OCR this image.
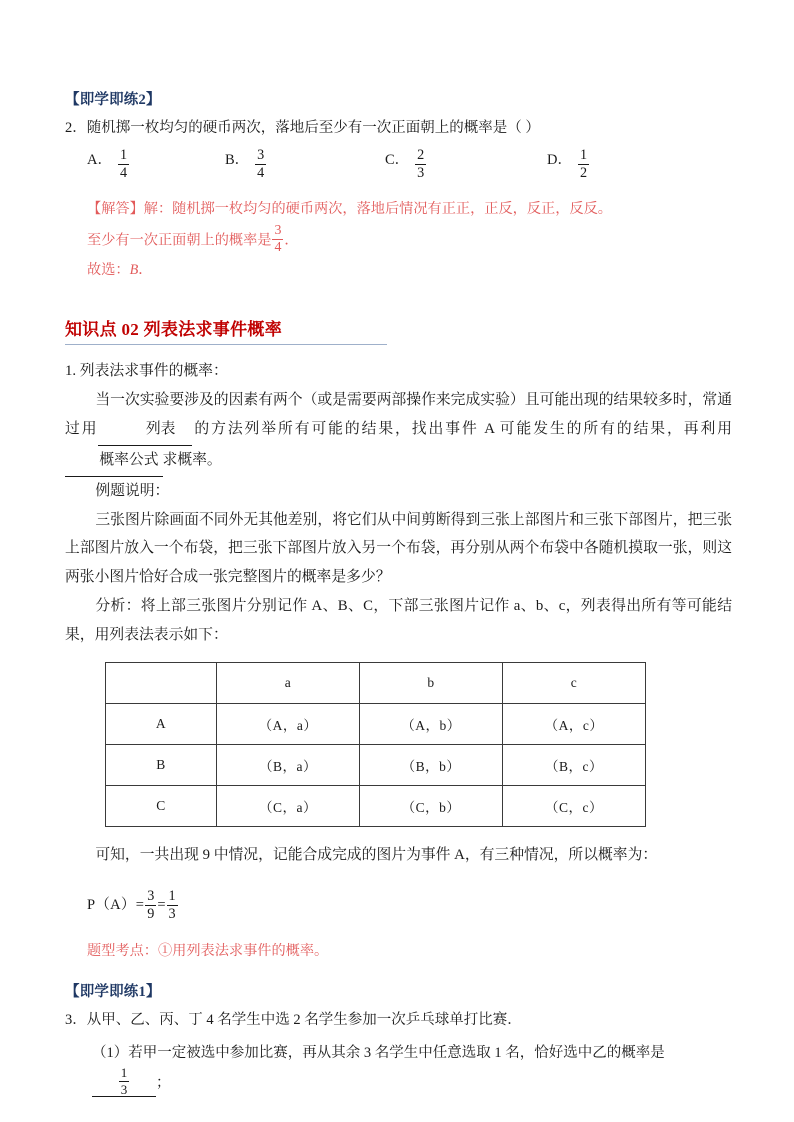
【即学即练2】
2．随机掷一枚均匀的硬币两次，落地后至少有一次正面朝上的概率是（ ）
A． $\frac{1}{4}$	B． $\frac{3}{4}$	C． $\frac{2}{3}$	D． $\frac{1}{2}$

【解答】解：随机掷一枚均匀的硬币两次，落地后情况有正正，正反，反正，反反。

至少有一次正面朝上的概率是 $\frac{3}{4}$ ．

故选：B．

知识点 02 列表法求事件概率

1. 列表法求事件的概率：

当一次实验要涉及的因素有两个（或是需要两部操作来完成实验）且可能出现的结果较多时，常通过用	列表 的方法列举所有可能的结果，找出事件 A 可能发生的所有的结果，再利用概率公式 求概率。

例题说明：

三张图片除画面不同外无其他差别，将它们从中间剪断得到三张上部图片和三张下部图片，把三张上部图片放入一个布袋，把三张下部图片放入另一个布袋，再分别从两个布袋中各随机摸取一张，则这两张小图片恰好合成一张完整图片的概率是多少？

分析：将上部三张图片分别记作 A、B、C，下部三张图片记作 a、b、c，列表得出所有等可能结果，用列表法表示如下：

	a	b	c
A	（A，a）	（A，b）	（A，c）
B	（B，a）	（B，b）	（B，c）
C	（C，a）	（C，b）	（C，c）

可知，一共出现 9 中情况，记能合成完成的图片为事件 A，有三种情况，所以概率为：

$P(A)= \frac{3}{9} = \frac{1}{3}$
题型考点：①用列表法求事件的概率。
【即学即练1】
3．从甲、乙、丙、丁 4 名学生中选 2 名学生参加一次乒乓球单打比赛．
（1）若甲一定被选中参加比赛，再从其余 3 名学生中任意选取 1 名，恰好选中乙的概率是
$\frac{1}{3}$ ；
